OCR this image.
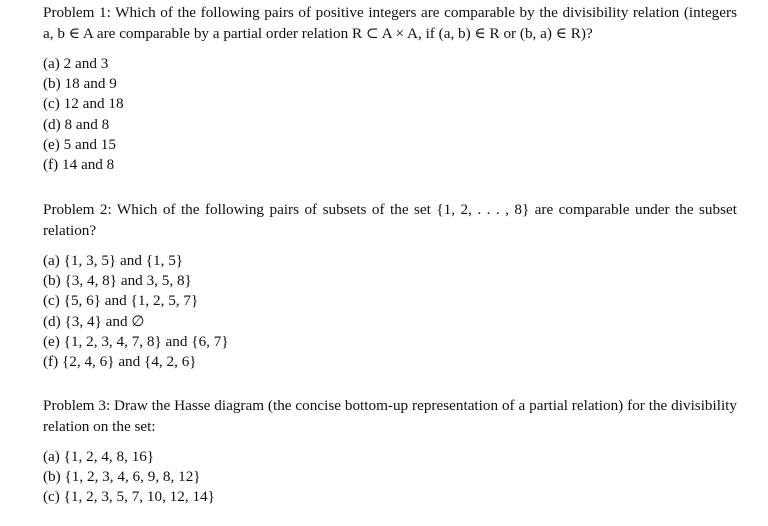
Problem 1: Which of the following pairs of positive integers are comparable by the divisibility relation (integers a, b ∈ A are comparable by a partial order relation R ⊂ A × A, if (a, b) ∈ R or (b, a) ∈ R)?

(a) 2 and 3
(b) 18 and 9
(c) 12 and 18
(d) 8 and 8
(e) 5 and 15
(f) 14 and 8

Problem 2: Which of the following pairs of subsets of the set {1, 2, . . . , 8} are comparable under the subset relation?

(a) {1, 3, 5} and {1, 5}
(b) {3, 4, 8} and 3, 5, 8}
(c) {5, 6} and {1, 2, 5, 7}
(d) {3, 4} and ∅
(e) {1, 2, 3, 4, 7, 8} and {6, 7}
(f) {2, 4, 6} and {4, 2, 6}

Problem 3: Draw the Hasse diagram (the concise bottom-up representation of a partial relation) for the divisibility relation on the set:

(a) {1, 2, 4, 8, 16}
(b) {1, 2, 3, 4, 6, 9, 8, 12}
(c) {1, 2, 3, 5, 7, 10, 12, 14}
